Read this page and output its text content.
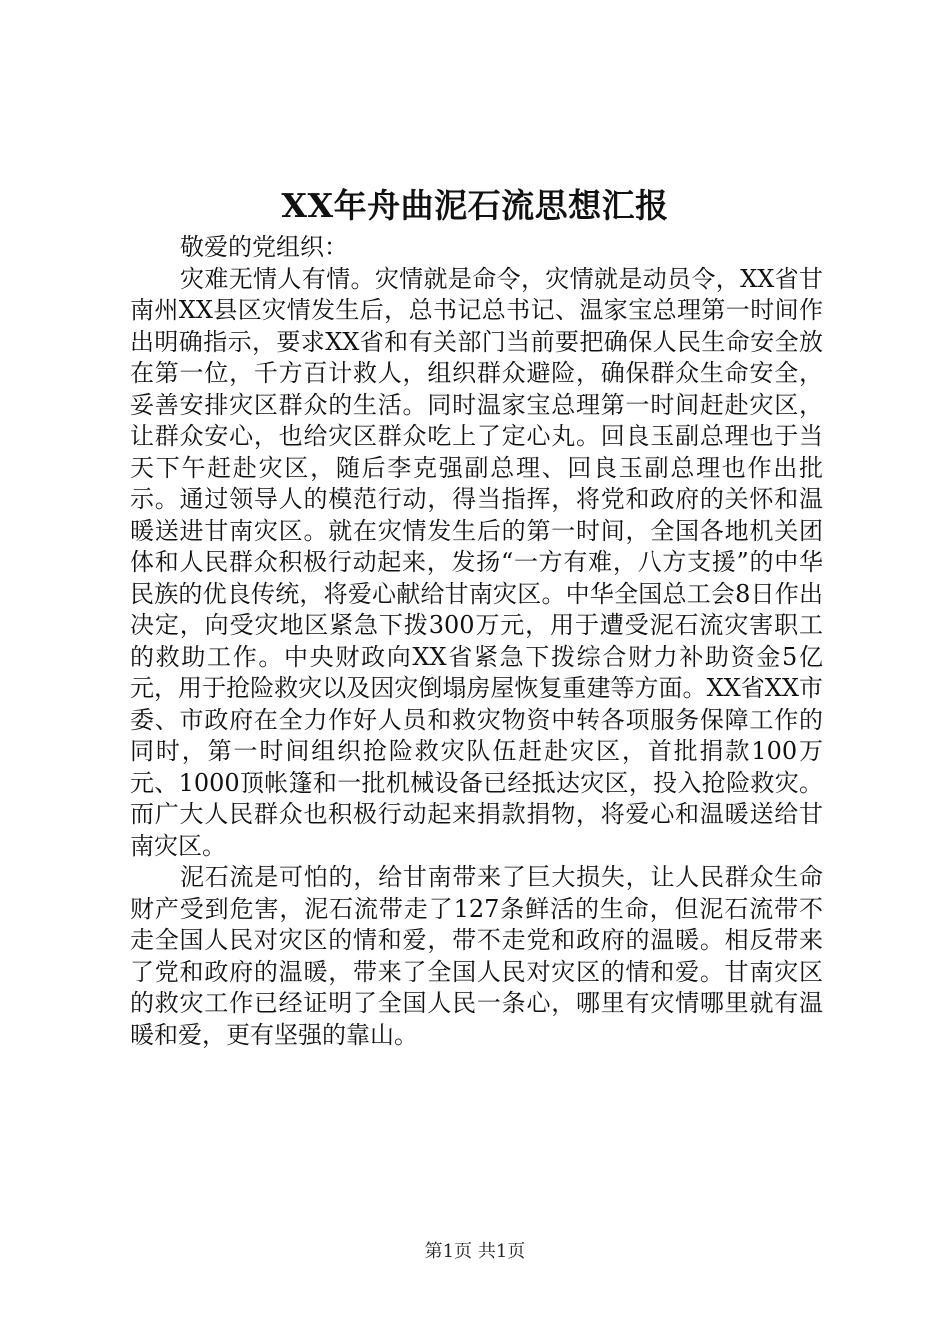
XX年舟曲泥石流思想汇报
敬爱的党组织：

灾难无情人有情。灾情就是命令，灾情就是动员令，XX省甘南州XX县区灾情发生后，总书记总书记、温家宝总理第一时间作出明确指示，要求XX省和有关部门当前要把确保人民生命安全放在第一位，千方百计救人，组织群众避险，确保群众生命安全，妥善安排灾区群众的生活。同时温家宝总理第一时间赶赴灾区，让群众安心，也给灾区群众吃上了定心丸。回良玉副总理也于当天下午赶赴灾区，随后李克强副总理、回良玉副总理也作出批示。通过领导人的模范行动，得当指挥，将党和政府的关怀和温暖送进甘南灾区。就在灾情发生后的第一时间，全国各地机关团体和人民群众积极行动起来，发扬“一方有难，八方支援”的中华民族的优良传统，将爱心献给甘南灾区。中华全国总工会8日作出决定，向受灾地区紧急下拨300万元，用于遭受泥石流灾害职工的救助工作。中央财政向XX省紧急下拨综合财力补助资金5亿元，用于抢险救灾以及因灾倒塌房屋恢复重建等方面。XX省XX市委、市政府在全力作好人员和救灾物资中转各项服务保障工作的同时，第一时间组织抢险救灾队伍赶赴灾区，首批捐款100万元、1000顶帐篷和一批机械设备已经抵达灾区，投入抢险救灾。而广大人民群众也积极行动起来捐款捐物，将爱心和温暖送给甘南灾区。

泥石流是可怕的，给甘南带来了巨大损失，让人民群众生命财产受到危害，泥石流带走了127条鲜活的生命，但泥石流带不走全国人民对灾区的情和爱，带不走党和政府的温暖。相反带来了党和政府的温暖，带来了全国人民对灾区的情和爱。甘南灾区的救灾工作已经证明了全国人民一条心，哪里有灾情哪里就有温暖和爱，更有坚强的靠山。

第1页 共1页
